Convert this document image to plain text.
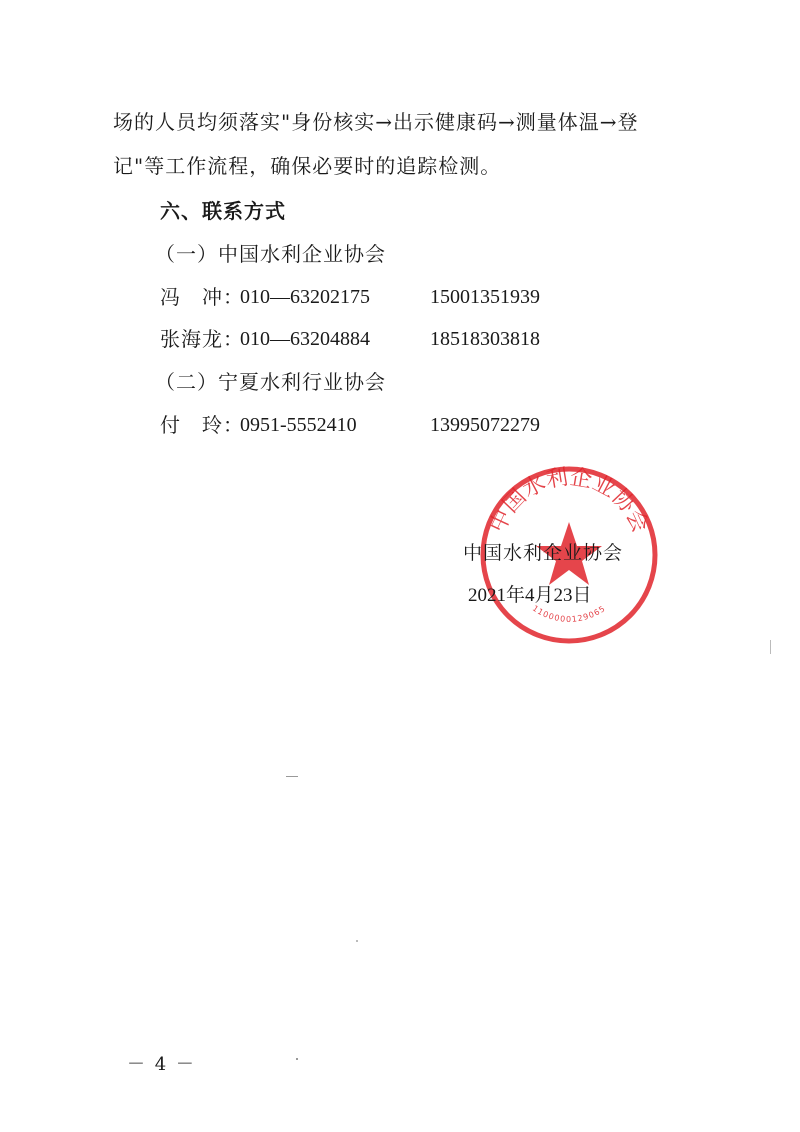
场的人员均须落实"身份核实→出示健康码→测量体温→登
记"等工作流程，确保必要时的追踪检测。
六、联系方式
（一）中国水利企业协会
冯　冲：
010—63202175	15001351939
张海龙：
010—63204884	18518303818
（二）宁夏水利行业协会
付　玲：
0951-5552410	13995072279
中国水利企业协会
1100000129065
中国水利企业协会
2021年4月23日
－ 4 －
